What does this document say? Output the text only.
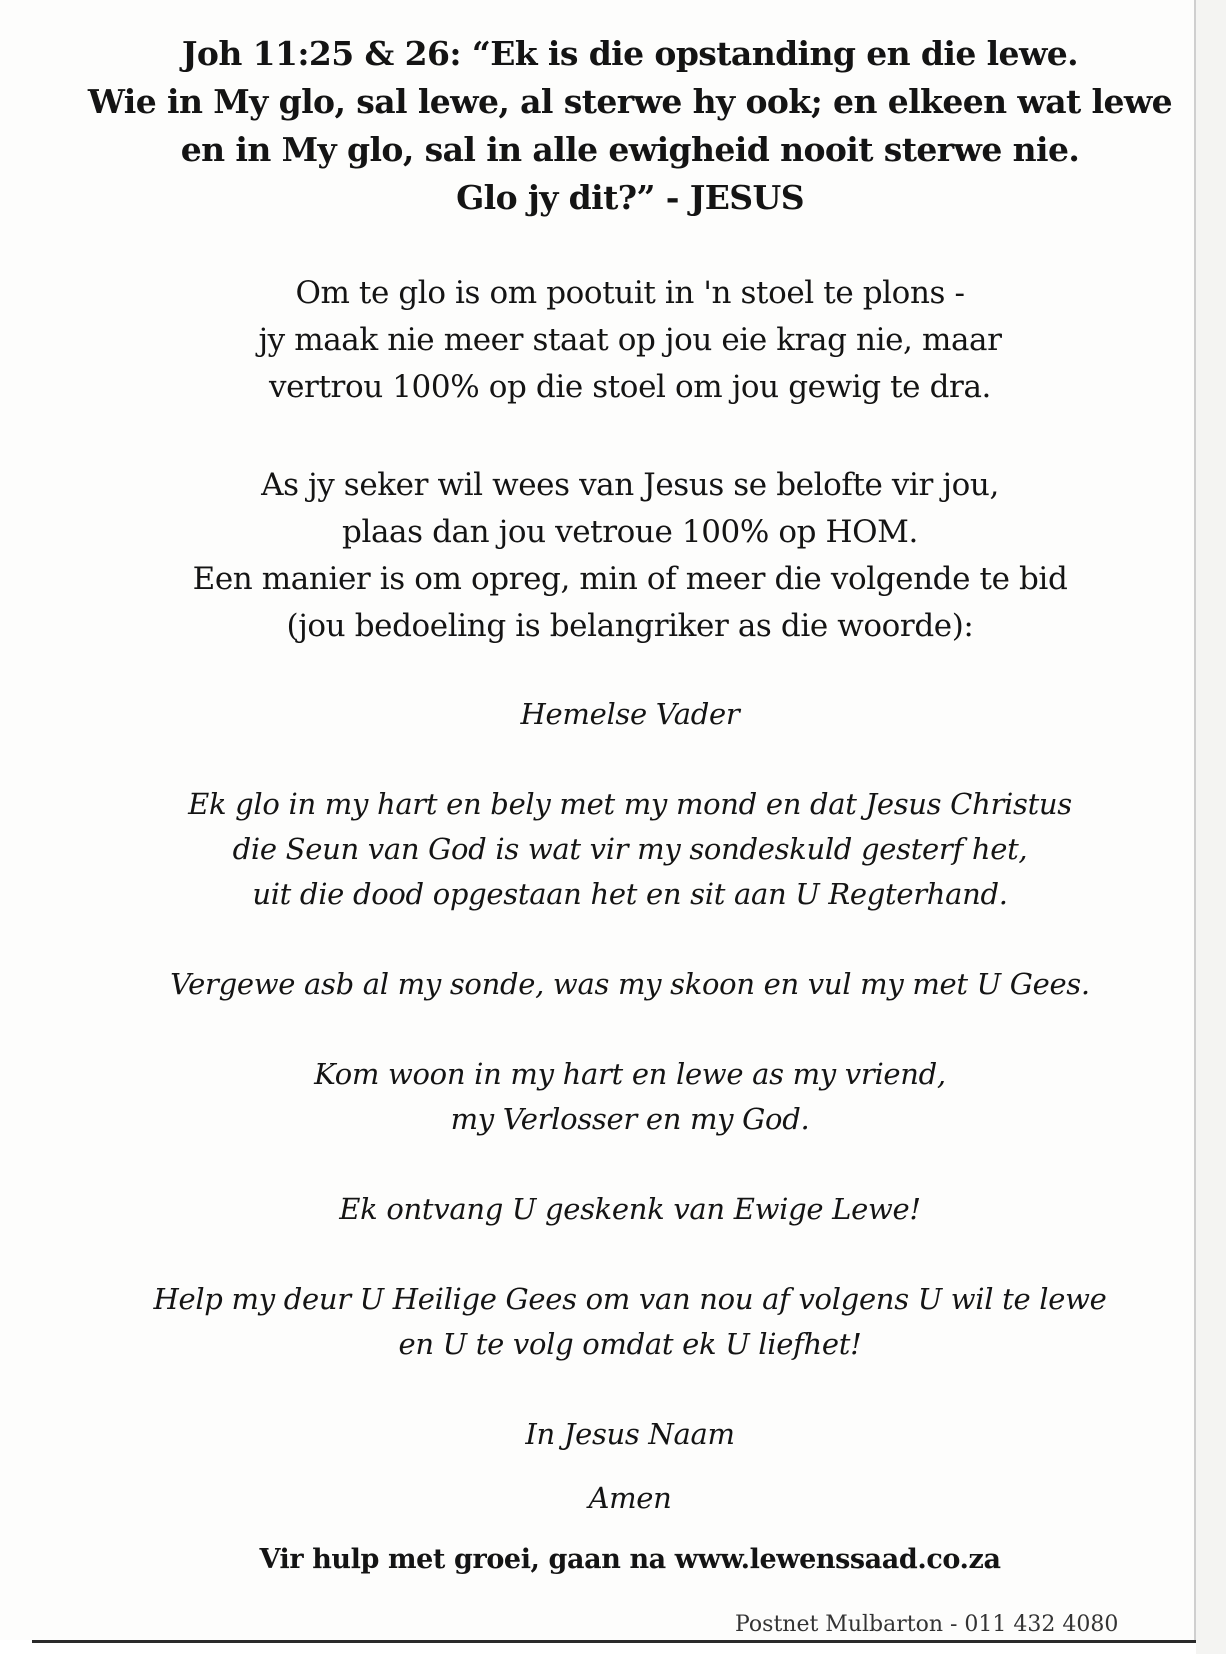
Joh 11:25 & 26: “Ek is die opstanding en die lewe.
Wie in My glo, sal lewe, al sterwe hy ook; en elkeen wat lewe
en in My glo, sal in alle ewigheid nooit sterwe nie.
Glo jy dit?” - JESUS
Om te glo is om pootuit in 'n stoel te plons -
jy maak nie meer staat op jou eie krag nie, maar
vertrou 100% op die stoel om jou gewig te dra.
As jy seker wil wees van Jesus se belofte vir jou,
plaas dan jou vetroue 100% op HOM.
Een manier is om opreg, min of meer die volgende te bid
(jou bedoeling is belangriker as die woorde):
Hemelse Vader
Ek glo in my hart en bely met my mond en dat Jesus Christus
die Seun van God is wat vir my sondeskuld gesterf het,
uit die dood opgestaan het en sit aan U Regterhand.
Vergewe asb al my sonde, was my skoon en vul my met U Gees.
Kom woon in my hart en lewe as my vriend,
my Verlosser en my God.
Ek ontvang U geskenk van Ewige Lewe!
Help my deur U Heilige Gees om van nou af volgens U wil te lewe
en U te volg omdat ek U liefhet!
In Jesus Naam
Amen
Vir hulp met groei, gaan na www.lewenssaad.co.za
Postnet Mulbarton - 011 432 4080
